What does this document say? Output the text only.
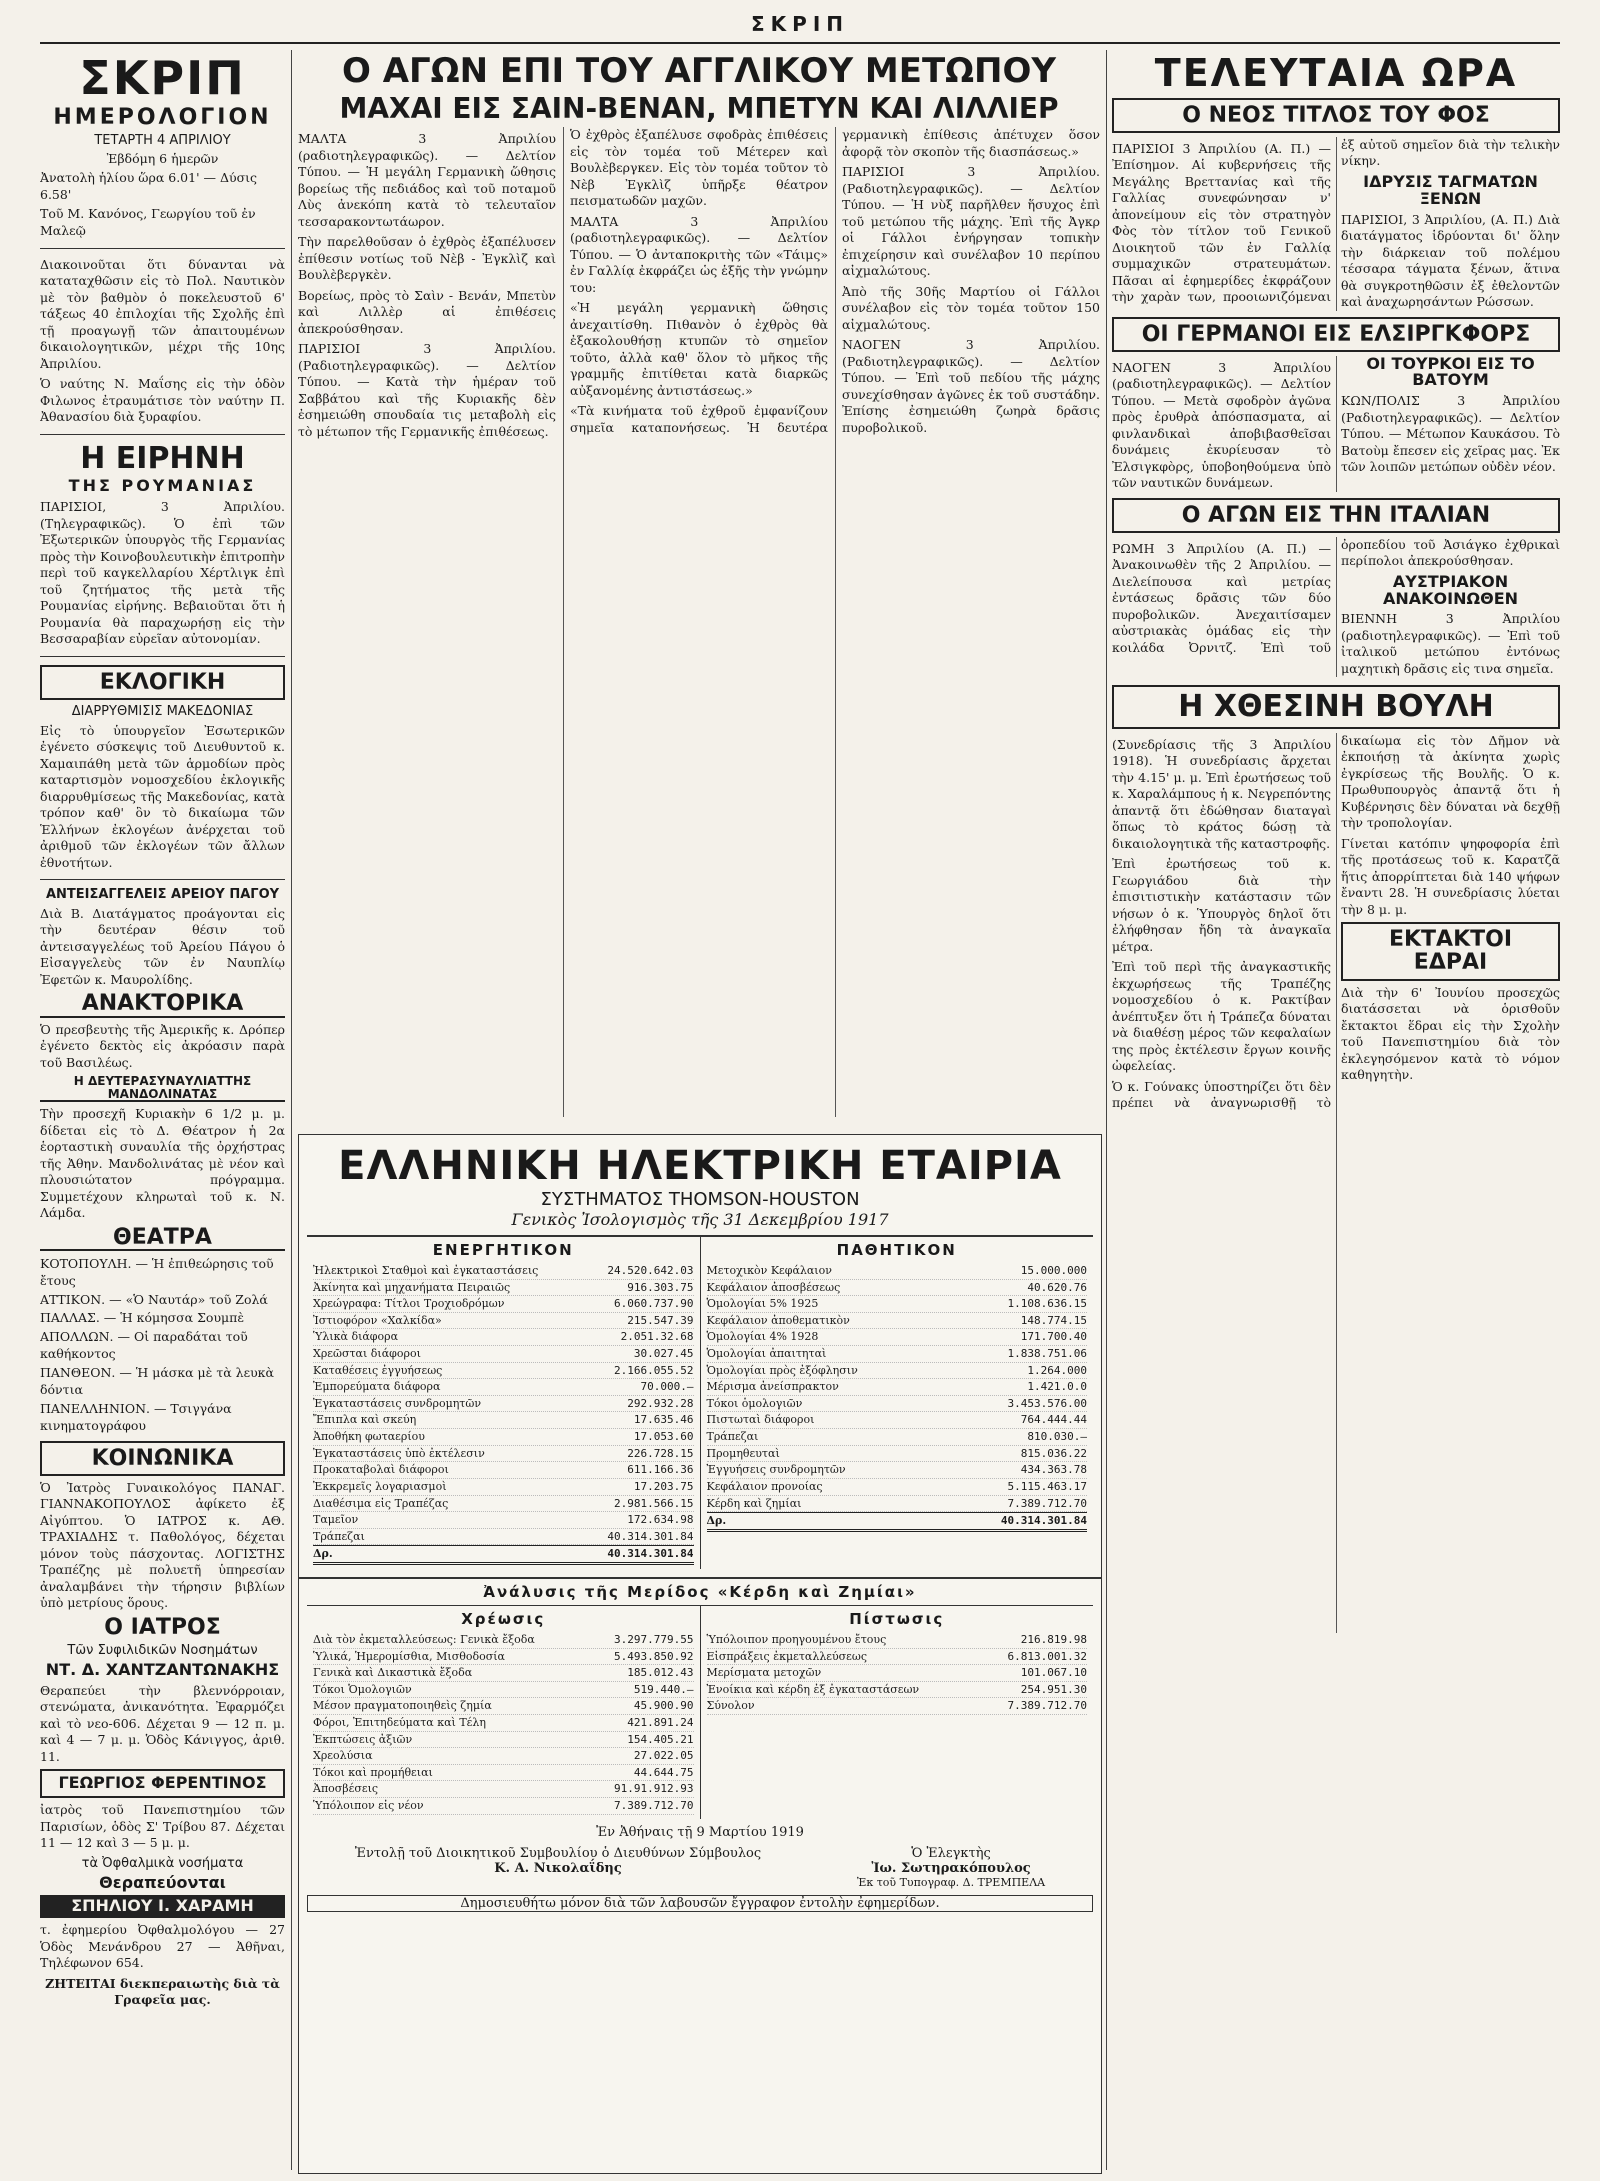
ΣΚΡΙΠ
ΣΚΡΙΠ
ΗΜΕΡΟΛΟΓΙΟΝ
ΤΕΤΑΡΤΗ 4 ΑΠΡΙΛΙΟΥ
Ἐβδόμη 6 ἡμερῶν
Ἀνατολὴ ἡλίου ὥρα 6.01' — Δύσις 6.58'
Τοῦ Μ. Κανόνος, Γεωργίου τοῦ ἐν Μαλεῷ

Διακοινοῦται ὅτι δύνανται νὰ καταταχθῶσιν εἰς τὸ Πολ. Ναυτικὸν μὲ τὸν βαθμὸν ὁ ποκελευστοῦ 6' τάξεως 40 ἐπιλοχίαι τῆς Σχολῆς ἐπὶ τῇ προαγωγῇ τῶν ἀπαιτουμένων δικαιολογητικῶν, μέχρι τῆς 10ης Ἀπριλίου.

Ὁ ναύτης Ν. Μαΐσης εἰς τὴν ὁδὸν Φιλωνος ἐτραυμάτισε τὸν ναύτην Π. Ἀθανασίου διὰ ξυραφίου.

Η ΕΙΡΗΝΗ
ΤΗΣ ΡΟΥΜΑΝΙΑΣ

ΠΑΡΙΣΙΟΙ, 3 Ἀπριλίου. (Τηλεγραφικῶς). Ὁ ἐπὶ τῶν Ἐξωτερικῶν ὑπουργὸς τῆς Γερμανίας πρὸς τὴν Κοινοβουλευτικὴν ἐπιτροπὴν περὶ τοῦ καγκελλαρίου Χέρτλιγκ ἐπὶ τοῦ ζητήματος τῆς μετὰ τῆς Ρουμανίας εἰρήνης. Βεβαιοῦται ὅτι ἡ Ρουμανία θὰ παραχωρήσῃ εἰς τὴν Βεσσαραβίαν εὐρεῖαν αὐτονομίαν.

ΕΚΛΟΓΙΚΗ
ΔΙΑΡΡΥΘΜΙΣΙΣ ΜΑΚΕΔΟΝΙΑΣ

Εἰς τὸ ὑπουργεῖον Ἐσωτερικῶν ἐγένετο σύσκεψις τοῦ Διευθυντοῦ κ. Χαμαιπάθη μετὰ τῶν ἁρμοδίων πρὸς καταρτισμὸν νομοσχεδίου ἐκλογικῆς διαρρυθμίσεως τῆς Μακεδονίας, κατὰ τρόπον καθ' ὃν τὸ δικαίωμα τῶν Ἑλλήνων ἐκλογέων ἀνέρχεται τοῦ ἀριθμοῦ τῶν ἐκλογέων τῶν ἄλλων ἐθνοτήτων.

ΑΝΤΕΙΣΑΓΓΕΛΕΙΣ ΑΡΕΙΟΥ ΠΑΓΟΥ

Διὰ Β. Διατάγματος προάγονται εἰς τὴν δευτέραν θέσιν τοῦ ἀντεισαγγελέως τοῦ Ἀρείου Πάγου ὁ Εἰσαγγελεὺς τῶν ἐν Ναυπλίῳ Ἐφετῶν κ. Μαυρολίδης.

ΑΝΑΚΤΟΡΙΚΑ

Ὁ πρεσβευτὴς τῆς Ἀμερικῆς κ. Δρόπερ ἐγένετο δεκτὸς εἰς ἀκρόασιν παρὰ τοῦ Βασιλέως.

Η ΔΕΥΤΕΡΑΣΥΝΑΥΛΙΑΤΤΗΣ ΜΑΝΔΟΛΙΝΑΤΑΣ

Τὴν προσεχῆ Κυριακὴν 6 1/2 μ. μ. δίδεται εἰς τὸ Δ. Θέατρον ἡ 2α ἑορταστικὴ συναυλία τῆς ὀρχήστρας τῆς Ἀθην. Μανδολινάτας μὲ νέον καὶ πλουσιώτατον πρόγραμμα. Συμμετέχουν κληρωταὶ τοῦ κ. Ν. Λάμδα.

ΘΕΑΤΡΑ
ΚΟΤΟΠΟΥΛΗ. — Ἡ ἐπιθεώρησις τοῦ ἔτους
ΑΤΤΙΚΟΝ. — «Ὁ Ναυτάρ» τοῦ Ζολά
ΠΑΛΛΑΣ. — Ἡ κόμησσα Σουμπὲ
ΑΠΟΛΛΩΝ. — Οἱ παραδάται τοῦ καθήκοντος
ΠΑΝΘΕΟΝ. — Ἡ μάσκα μὲ τὰ λευκὰ δόντια
ΠΑΝΕΛΛΗΝΙΟΝ. — Τσιγγάνα κινηματογράφου
ΚΟΙΝΩΝΙΚΑ

Ὁ Ἰατρὸς Γυναικολόγος ΠΑΝΑΓ. ΓΙΑΝΝΑΚΟΠΟΥΛΟΣ ἀφίκετο ἐξ Αἰγύπτου. Ὁ ΙΑΤΡΟΣ κ. ΑΘ. ΤΡΑΧΙΑΔΗΣ τ. Παθολόγος, δέχεται μόνον τοὺς πάσχοντας. ΛΟΓΙΣΤΗΣ Τραπέζης μὲ πολυετῆ ὑπηρεσίαν ἀναλαμβάνει τὴν τήρησιν βιβλίων ὑπὸ μετρίους ὅρους.

Ο ΙΑΤΡΟΣ
Τῶν Συφιλιδικῶν Νοσημάτων
ΝΤ. Δ. ΧΑΝΤΖΑΝΤΩΝΑΚΗΣ

Θεραπεύει τὴν βλεννόρροιαν, στενώματα, ἀνικανότητα. Ἐφαρμόζει καὶ τὸ νεο-606. Δέχεται 9 — 12 π. μ. καὶ 4 — 7 μ. μ. Ὁδὸς Κάνιγγος, ἀριθ. 11.

ΓΕΩΡΓΙΟΣ ΦΕΡΕΝΤΙΝΟΣ

ἰατρὸς τοῦ Πανεπιστημίου τῶν Παρισίων, ὁδὸς Σ' Τρίβου 87. Δέχεται 11 — 12 καὶ 3 — 5 μ. μ.

τὰ Ὀφθαλμικὰ νοσήματα
Θεραπεύονται
ΣΠΗΛΙΟΥ Ι. ΧΑΡΑΜΗ

τ. ἐφημερίου Ὀφθαλμολόγου — 27 Ὁδὸς Μενάνδρου 27 — Ἀθῆναι, Τηλέφωνον 654.

ΖΗΤΕΙΤΑΙ διεκπεραιωτὴς διὰ τὰ Γραφεῖα μας.

Ο ΑΓΩΝ ΕΠΙ ΤΟΥ ΑΓΓΛΙΚΟΥ ΜΕΤΩΠΟΥ
ΜΑΧΑΙ ΕΙΣ ΣΑΙΝ-ΒΕΝΑΝ, ΜΠΕΤΥΝ ΚΑΙ ΛΙΛΛΙΕΡ

ΜΑΛΤΑ 3 Ἀπριλίου (ραδιοτηλεγραφικῶς). — Δελτίον Τύπου. — Ἡ μεγάλη Γερμανικὴ ὥθησις βορείως τῆς πεδιάδος καὶ τοῦ ποταμοῦ Λὺς ἀνεκόπη κατὰ τὸ τελευταῖον τεσσαρακοντωτάωρον.

Τὴν παρελθοῦσαν ὁ ἐχθρὸς ἐξαπέλυσεν ἐπίθεσιν νοτίως τοῦ Νὲβ - Ἐγκλὶζ καὶ Βουλὲβεργκὲν.

Βορείως, πρὸς τὸ Σαὶν - Βενάν, Μπετὺν καὶ Λιλλὲρ αἱ ἐπιθέσεις ἀπεκρούσθησαν.

ΠΑΡΙΣΙΟΙ 3 Ἀπριλίου. (Ραδιοτηλεγραφικῶς). — Δελτίον Τύπου. — Κατὰ τὴν ἡμέραν τοῦ Σαββάτου καὶ τῆς Κυριακῆς δὲν ἐσημειώθη σπουδαία τις μεταβολὴ εἰς τὸ μέτωπον τῆς Γερμανικῆς ἐπιθέσεως.

Ὁ ἐχθρὸς ἐξαπέλυσε σφοδρὰς ἐπιθέσεις εἰς τὸν τομέα τοῦ Μέτερεν καὶ Βουλὲβεργκεν. Εἰς τὸν τομέα τοῦτον τὸ Νὲβ Ἐγκλὶζ ὑπῆρξε θέατρον πεισματωδῶν μαχῶν.

ΜΑΛΤΑ 3 Ἀπριλίου (ραδιοτηλεγραφικῶς). — Δελτίον Τύπου. — Ὁ ἀνταποκριτὴς τῶν «Τάιμς» ἐν Γαλλίᾳ ἐκφράζει ὡς ἑξῆς τὴν γνώμην του:

«Ἡ μεγάλη γερμανικὴ ὥθησις ἀνεχαιτίσθη. Πιθανὸν ὁ ἐχθρὸς θὰ ἐξακολουθήσῃ κτυπῶν τὸ σημεῖον τοῦτο, ἀλλὰ καθ' ὅλον τὸ μῆκος τῆς γραμμῆς ἐπιτίθεται κατὰ διαρκῶς αὐξανομένης ἀντιστάσεως.»

«Τὰ κινήματα τοῦ ἐχθροῦ ἐμφανίζουν σημεῖα καταπονήσεως. Ἡ δευτέρα γερμανικὴ ἐπίθεσις ἀπέτυχεν ὅσον ἀφορᾷ τὸν σκοπὸν τῆς διασπάσεως.»

ΠΑΡΙΣΙΟΙ 3 Ἀπριλίου. (Ραδιοτηλεγραφικῶς). — Δελτίον Τύπου. — Ἡ νὺξ παρῆλθεν ἥσυχος ἐπὶ τοῦ μετώπου τῆς μάχης. Ἐπὶ τῆς Ἀγκρ οἱ Γάλλοι ἐνήργησαν τοπικὴν ἐπιχείρησιν καὶ συνέλαβον 10 περίπου αἰχμαλώτους.

Ἀπὸ τῆς 30ῆς Μαρτίου οἱ Γάλλοι συνέλαβον εἰς τὸν τομέα τοῦτον 150 αἰχμαλώτους.

ΝΑΟΓΕΝ 3 Ἀπριλίου. (Ραδιοτηλεγραφικῶς). — Δελτίον Τύπου. — Ἐπὶ τοῦ πεδίου τῆς μάχης συνεχίσθησαν ἀγῶνες ἐκ τοῦ συστάδην. Ἐπίσης ἐσημειώθη ζωηρὰ δρᾶσις πυροβολικοῦ.

ΤΕΛΕΥΤΑΙΑ ΩΡΑ
Ο ΝΕΟΣ ΤΙΤΛΟΣ ΤΟΥ ΦΟΣ

ΠΑΡΙΣΙΟΙ 3 Ἀπριλίου (Α. Π.) — Ἐπίσημον. Αἱ κυβερνήσεις τῆς Μεγάλης Βρεττανίας καὶ τῆς Γαλλίας συνεφώνησαν ν' ἀπονείμουν εἰς τὸν στρατηγὸν Φὸς τὸν τίτλον τοῦ Γενικοῦ Διοικητοῦ τῶν ἐν Γαλλίᾳ συμμαχικῶν στρατευμάτων. Πᾶσαι αἱ ἐφημερίδες ἐκφράζουν τὴν χαρὰν των, προοιωνιζόμεναι ἐξ αὐτοῦ σημεῖον διὰ τὴν τελικὴν νίκην.

ΙΔΡΥΣΙΣ ΤΑΓΜΑΤΩΝ ΞΕΝΩΝ

ΠΑΡΙΣΙΟΙ, 3 Ἀπριλίου, (Α. Π.) Διὰ διατάγματος ἱδρύονται δι' ὅλην τὴν διάρκειαν τοῦ πολέμου τέσσαρα τάγματα ξένων, ἅτινα θὰ συγκροτηθῶσιν ἐξ ἐθελοντῶν καὶ ἀναχωρησάντων Ρώσσων.

ΟΙ ΓΕΡΜΑΝΟΙ ΕΙΣ ΕΛΣΙΡΓΚΦΟΡΣ

ΝΑΟΓΕΝ 3 Ἀπριλίου (ραδιοτηλεγραφικῶς). — Δελτίον Τύπου. — Μετὰ σφοδρὸν ἀγῶνα πρὸς ἐρυθρὰ ἀπόσπασματα, αἱ φινλανδικαὶ ἀποβιβασθεῖσαι δυνάμεις ἐκυρίευσαν τὸ Ἐλσιγκφὸρς, ὑποβοηθούμενα ὑπὸ τῶν ναυτικῶν δυνάμεων.

ΟΙ ΤΟΥΡΚΟΙ ΕΙΣ ΤΟ ΒΑΤΟΥΜ

ΚΩΝ/ΠΟΛΙΣ 3 Ἀπριλίου (Ραδιοτηλεγραφικῶς). — Δελτίον Τύπου. — Μέτωπον Καυκάσου. Τὸ Βατοὺμ ἔπεσεν εἰς χεῖρας μας. Ἐκ τῶν λοιπῶν μετώπων οὐδὲν νέον.

Ο ΑΓΩΝ ΕΙΣ ΤΗΝ ΙΤΑΛΙΑΝ

ΡΩΜΗ 3 Ἀπριλίου (Α. Π.) — Ἀνακοινωθὲν τῆς 2 Ἀπριλίου. — Διελείπουσα καὶ μετρίας ἐντάσεως δρᾶσις τῶν δύο πυροβολικῶν. Ἀνεχαιτίσαμεν αὐστριακὰς ὁμάδας εἰς τὴν κοιλάδα Ὀρνιτζ. Ἐπὶ τοῦ ὀροπεδίου τοῦ Ἀσιάγκο ἐχθρικαὶ περίπολοι ἀπεκρούσθησαν.

ΑΥΣΤΡΙΑΚΟΝ ΑΝΑΚΟΙΝΩΘΕΝ

ΒΙΕΝΝΗ 3 Ἀπριλίου (ραδιοτηλεγραφικῶς). — Ἐπὶ τοῦ ἰταλικοῦ μετώπου ἐντόνως μαχητικὴ δρᾶσις εἰς τινα σημεῖα.

Η ΧΘΕΣΙΝΗ ΒΟΥΛΗ

(Συνεδρίασις τῆς 3 Ἀπριλίου 1918). Ἡ συνεδρίασις ἄρχεται τὴν 4.15' μ. μ. Ἐπὶ ἐρωτήσεως τοῦ κ. Χαραλάμπους ἡ κ. Νεγρεπόντης ἀπαντᾷ ὅτι ἐδώθησαν διαταγαὶ ὅπως τὸ κράτος δώσῃ τὰ δικαιολογητικὰ τῆς καταστροφῆς.

Ἐπὶ ἐρωτήσεως τοῦ κ. Γεωργιάδου διὰ τὴν ἐπισιτιστικὴν κατάστασιν τῶν νήσων ὁ κ. Ὑπουργὸς δηλοῖ ὅτι ἐλήφθησαν ἤδη τὰ ἀναγκαῖα μέτρα.

Ἐπὶ τοῦ περὶ τῆς ἀναγκαστικῆς ἐκχωρήσεως τῆς Τραπέζης νομοσχεδίου ὁ κ. Ρακτίβαν ἀνέπτυξεν ὅτι ἡ Τράπεζα δύναται νὰ διαθέσῃ μέρος τῶν κεφαλαίων της πρὸς ἐκτέλεσιν ἔργων κοινῆς ὠφελείας.

Ὁ κ. Γούνακς ὑποστηρίζει ὅτι δὲν πρέπει νὰ ἀναγνωρισθῇ τὸ δικαίωμα εἰς τὸν Δῆμον νὰ ἐκποιήσῃ τὰ ἀκίνητα χωρὶς ἐγκρίσεως τῆς Βουλῆς. Ὁ κ. Πρωθυπουργὸς ἀπαντᾷ ὅτι ἡ Κυβέρνησις δὲν δύναται νὰ δεχθῇ τὴν τροπολογίαν.

Γίνεται κατόπιν ψηφοφορία ἐπὶ τῆς προτάσεως τοῦ κ. Καρατζᾶ ἥτις ἀπορρίπτεται διὰ 140 ψήφων ἔναντι 28. Ἡ συνεδρίασις λύεται τὴν 8 μ. μ.

ΕΚΤΑΚΤΟΙ ΕΔΡΑΙ

Διὰ τὴν 6' Ἰουνίου προσεχῶς διατάσσεται νὰ ὁρισθοῦν ἔκτακτοι ἕδραι εἰς τὴν Σχολὴν τοῦ Πανεπιστημίου διὰ τὸν ἐκλεγησόμενον κατὰ τὸ νόμον καθηγητὴν.

ΕΛΛΗΝΙΚΗ ΗΛΕΚΤΡΙΚΗ ΕΤΑΙΡΙΑ
ΣΥΣΤΗΜΑΤΟΣ THOMSON-HOUSTON
Γενικὸς Ἰσολογισμὸς τῆς 31 Δεκεμβρίου 1917
ΕΝΕΡΓΗΤΙΚΟΝ
Ἠλεκτρικοὶ Σταθμοὶ καὶ ἐγκαταστάσεις	24.520.642.03
Ἀκίνητα καὶ μηχανήματα Πειραιῶς	916.303.75
Χρεώγραφα: Τίτλοι Τροχιοδρόμων	6.060.737.90
Ἰστιοφόρον «Χαλκίδα»	215.547.39
Ὑλικὰ διάφορα	2.051.32.68
Χρεῶσται διάφοροι	30.027.45
Καταθέσεις ἐγγυήσεως	2.166.055.52
Ἐμπορεύματα διάφορα	70.000.—
Ἐγκαταστάσεις συνδρομητῶν	292.932.28
Ἔπιπλα καὶ σκεύη	17.635.46
Ἀποθήκη φωταερίου	17.053.60
Ἐγκαταστάσεις ὑπὸ ἐκτέλεσιν	226.728.15
Προκαταβολαὶ διάφοροι	611.166.36
Ἐκκρεμεῖς λογαριασμοὶ	17.203.75
Διαθέσιμα εἰς Τραπέζας	2.981.566.15
Ταμεῖον	172.634.98
Τράπεζαι	40.314.301.84
Δρ.	40.314.301.84
ΠΑΘΗΤΙΚΟΝ
Μετοχικὸν Κεφάλαιον	15.000.000
Κεφάλαιον ἀποσβέσεως	40.620.76
Ὁμολογίαι 5% 1925	1.108.636.15
Κεφάλαιον ἀποθεματικὸν	148.774.15
Ὁμολογίαι 4% 1928	171.700.40
Ὁμολογίαι ἀπαιτηταὶ	1.838.751.06
Ὁμολογίαι πρὸς ἐξόφλησιν	1.264.000
Μέρισμα ἀνείσπρακτον	1.421.0.0
Τόκοι ὁμολογιῶν	3.453.576.00
Πιστωταὶ διάφοροι	764.444.44
Τράπεζαι	810.030.—
Προμηθευταὶ	815.036.22
Ἐγγυήσεις συνδρομητῶν	434.363.78
Κεφάλαιον προνοίας	5.115.463.17
Κέρδη καὶ ζημίαι	7.389.712.70
Δρ.	40.314.301.84
Ἀνάλυσις τῆς Μερίδος «Κέρδη καὶ Ζημίαι»
Χρέωσις
Διὰ τὸν ἐκμεταλλεύσεως: Γενικὰ ἔξοδα	3.297.779.55
Ὑλικά, Ἡμερομίσθια, Μισθοδοσία	5.493.850.92
Γενικὰ καὶ Δικαστικὰ ἔξοδα	185.012.43
Τόκοι Ὁμολογιῶν	519.440.—
Μέσον πραγματοποιηθεὶς ζημία	45.900.90
Φόροι, Ἐπιτηδεύματα καὶ Τέλη	421.891.24
Ἐκπτώσεις ἀξιῶν	154.405.21
Χρεολύσια	27.022.05
Τόκοι καὶ προμήθειαι	44.644.75
Ἀποσβέσεις	91.91.912.93
Ὑπόλοιπον εἰς νέον	7.389.712.70
Πίστωσις
Ὑπόλοιπον προηγουμένου ἔτους	216.819.98
Εἰσπράξεις ἐκμεταλλεύσεως	6.813.001.32
Μερίσματα μετοχῶν	101.067.10
Ἐνοίκια καὶ κέρδη ἐξ ἐγκαταστάσεων	254.951.30
Σύνολον	7.389.712.70
Ἐν Ἀθήναις τῇ 9 Μαρτίου 1919
Ἐντολῇ τοῦ Διοικητικοῦ Συμβουλίου ὁ Διευθύνων Σύμβουλος
Κ. Α. Νικολαΐδης
Ὁ Ἐλεγκτὴς
Ἰω. Σωτηρακόπουλος
Ἐκ τοῦ Τυπογραφ. Δ. ΤΡΕΜΠΕΛΑ
Δημοσιευθήτω μόνον διὰ τῶν λαβουσῶν ἔγγραφον ἐντολὴν ἐφημερίδων.
